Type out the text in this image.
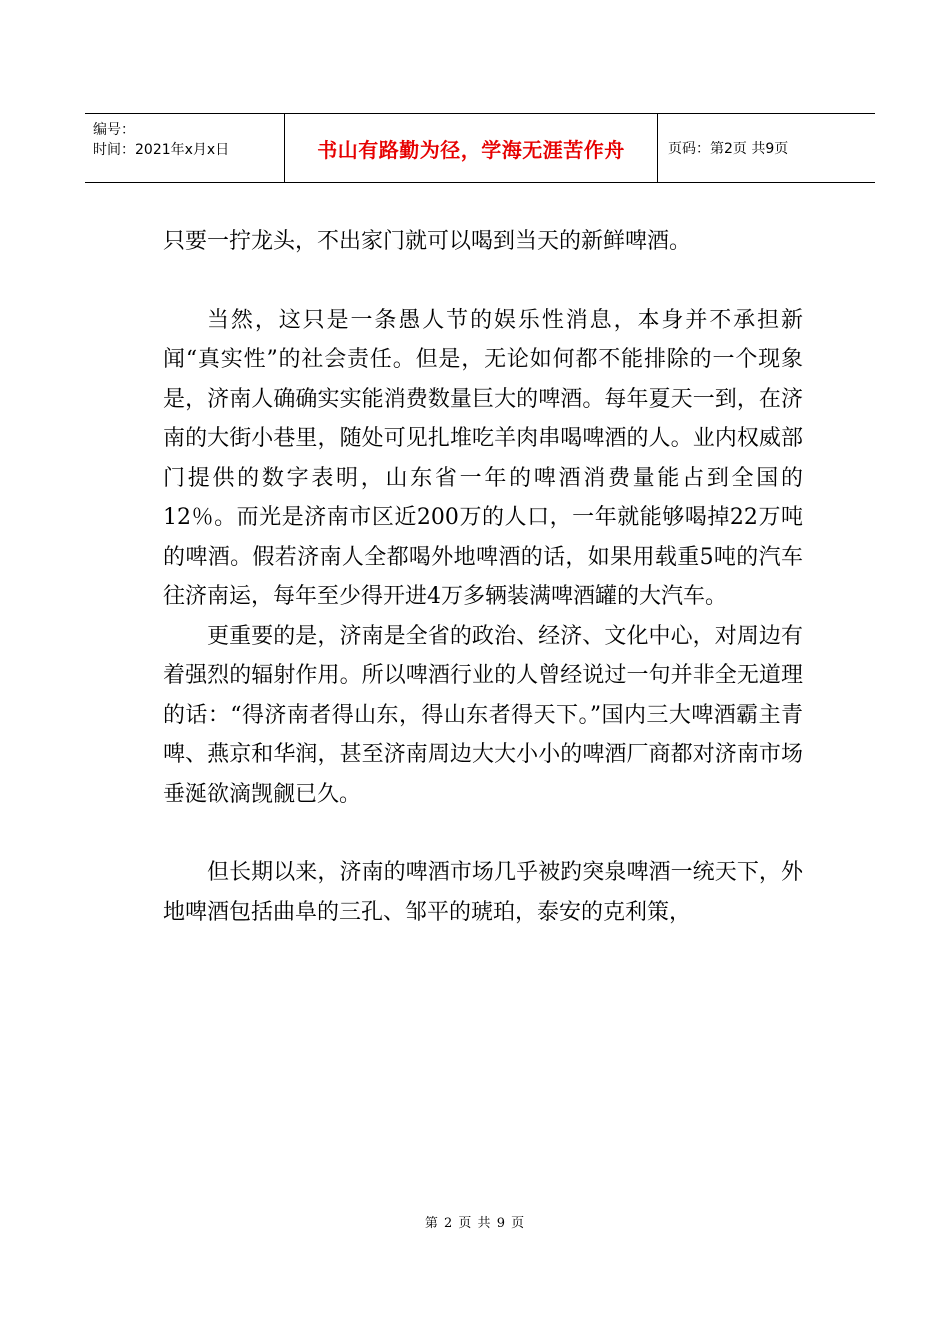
编号：
时间：2021年x月x日	书山有路勤为径，学海无涯苦作舟	页码：第2页 共9页

只要一拧龙头，不出家门就可以喝到当天的新鲜啤酒。

当然，这只是一条愚人节的娱乐性消息，本身并不承担新闻“真实性”的社会责任。但是，无论如何都不能排除的一个现象是，济南人确确实实能消费数量巨大的啤酒。每年夏天一到，在济南的大街小巷里，随处可见扎堆吃羊肉串喝啤酒的人。业内权威部门提供的数字表明，山东省一年的啤酒消费量能占到全国的12％。而光是济南市区近200万的人口，一年就能够喝掉22万吨的啤酒。假若济南人全都喝外地啤酒的话，如果用载重5吨的汽车往济南运，每年至少得开进4万多辆装满啤酒罐的大汽车。

更重要的是，济南是全省的政治、经济、文化中心，对周边有着强烈的辐射作用。所以啤酒行业的人曾经说过一句并非全无道理的话：“得济南者得山东，得山东者得天下。”国内三大啤酒霸主青啤、燕京和华润，甚至济南周边大大小小的啤酒厂商都对济南市场垂涎欲滴觊觎已久。

但长期以来，济南的啤酒市场几乎被趵突泉啤酒一统天下，外地啤酒包括曲阜的三孔、邹平的琥珀，泰安的克利策，

第 2 页 共 9 页
